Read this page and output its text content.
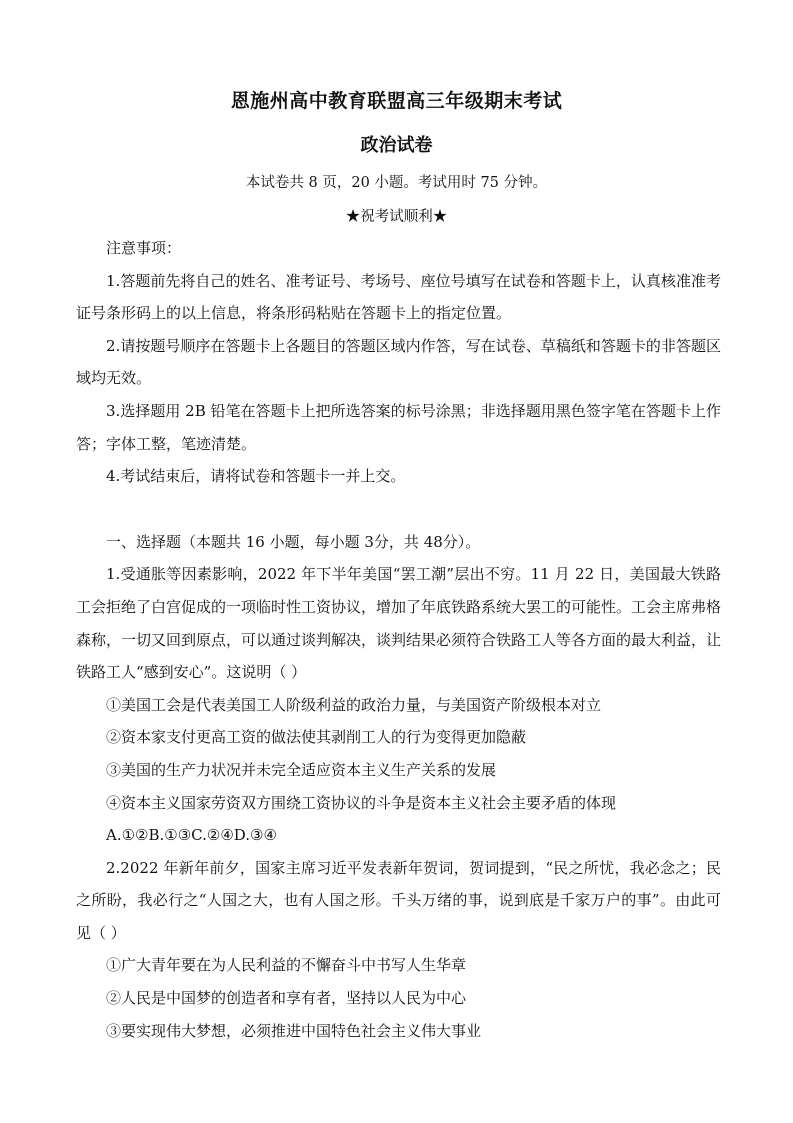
恩施州高中教育联盟高三年级期末考试
政治试卷
本试卷共 8 页，20 小题。考试用时 75 分钟。
★祝考试顺利★

注意事项：

1.答题前先将自己的姓名、准考证号、考场号、座位号填写在试卷和答题卡上，认真核准准考证号条形码上的以上信息，将条形码粘贴在答题卡上的指定位置。

2.请按题号顺序在答题卡上各题目的答题区域内作答，写在试卷、草稿纸和答题卡的非答题区域均无效。

3.选择题用 2B 铅笔在答题卡上把所选答案的标号涂黑；非选择题用黑色签字笔在答题卡上作答；字体工整，笔迹清楚。

4.考试结束后，请将试卷和答题卡一并上交。

一、选择题（本题共 16 小题，每小题 3分，共 48分）。

1.受通胀等因素影响，2022 年下半年美国“罢工潮”层出不穷。11 月 22 日，美国最大铁路工会拒绝了白宫促成的一项临时性工资协议，增加了年底铁路系统大罢工的可能性。工会主席弗格森称，一切又回到原点，可以通过谈判解决，谈判结果必须符合铁路工人等各方面的最大利益，让铁路工人“感到安心”。这说明（ ）

①美国工会是代表美国工人阶级利益的政治力量，与美国资产阶级根本对立

②资本家支付更高工资的做法使其剥削工人的行为变得更加隐蔽

③美国的生产力状况并未完全适应资本主义生产关系的发展

④资本主义国家劳资双方围绕工资协议的斗争是资本主义社会主要矛盾的体现

A.①②B.①③C.②④D.③④

2.2022 年新年前夕，国家主席习近平发表新年贺词，贺词提到，“民之所忧，我必念之；民之所盼，我必行之“人国之大，也有人国之形。千头万绪的事，说到底是千家万户的事”。由此可见（ ）

①广大青年要在为人民利益的不懈奋斗中书写人生华章

②人民是中国梦的创造者和享有者，坚持以人民为中心

③要实现伟大梦想，必须推进中国特色社会主义伟大事业
